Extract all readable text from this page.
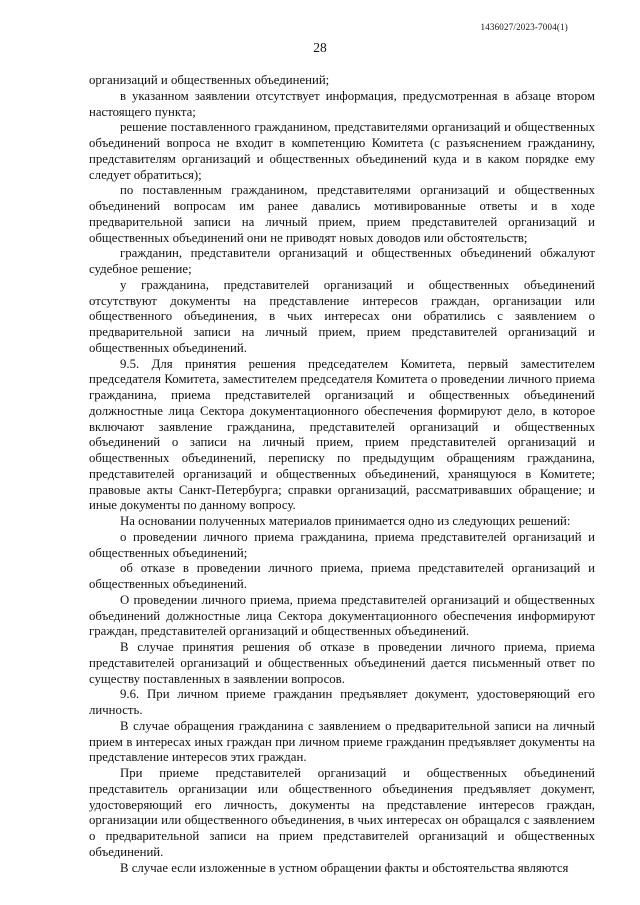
1436027/2023-7004(1)
28

организаций и общественных объединений;

в указанном заявлении отсутствует информация, предусмотренная в абзаце втором настоящего пункта;

решение поставленного гражданином, представителями организаций и общественных объединений вопроса не входит в компетенцию Комитета (с разъяснением гражданину, представителям организаций и общественных объединений куда и в каком порядке ему следует обратиться);

по поставленным гражданином, представителями организаций и общественных объединений вопросам им ранее давались мотивированные ответы и в ходе предварительной записи на личный прием, прием представителей организаций и общественных объединений они не приводят новых доводов или обстоятельств;

гражданин, представители организаций и общественных объединений обжалуют судебное решение;

у гражданина, представителей организаций и общественных объединений отсутствуют документы на представление интересов граждан, организации или общественного объединения, в чьих интересах они обратились с заявлением о предварительной записи на личный прием, прием представителей организаций и общественных объединений.

9.5. Для принятия решения председателем Комитета, первый заместителем председателя Комитета, заместителем председателя Комитета о проведении личного приема гражданина, приема представителей организаций и общественных объединений должностные лица Сектора документационного обеспечения формируют дело, в которое включают заявление гражданина, представителей организаций и общественных объединений о записи на личный прием, прием представителей организаций и общественных объединений, переписку по предыдущим обращениям гражданина, представителей организаций и общественных объединений, хранящуюся в Комитете; правовые акты Санкт-Петербурга; справки организаций, рассматривавших обращение; и иные документы по данному вопросу.

На основании полученных материалов принимается одно из следующих решений:

о проведении личного приема гражданина, приема представителей организаций и общественных объединений;

об отказе в проведении личного приема, приема представителей организаций и общественных объединений.

О проведении личного приема, приема представителей организаций и общественных объединений должностные лица Сектора документационного обеспечения информируют граждан, представителей организаций и общественных объединений.

В случае принятия решения об отказе в проведении личного приема, приема представителей организаций и общественных объединений дается письменный ответ по существу поставленных в заявлении вопросов.

9.6. При личном приеме гражданин предъявляет документ, удостоверяющий его личность.

В случае обращения гражданина с заявлением о предварительной записи на личный прием в интересах иных граждан при личном приеме гражданин предъявляет документы на представление интересов этих граждан.

При приеме представителей организаций и общественных объединений представитель организации или общественного объединения предъявляет документ, удостоверяющий его личность, документы на представление интересов граждан, организации или общественного объединения, в чьих интересах он обращался с заявлением о предварительной записи на прием представителей организаций и общественных объединений.

В случае если изложенные в устном обращении факты и обстоятельства являются
